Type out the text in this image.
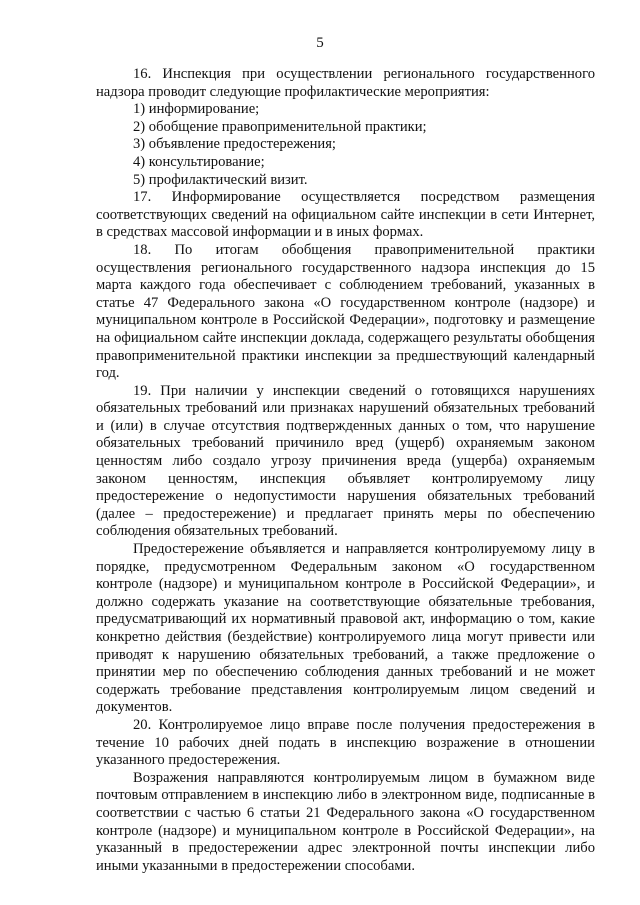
5

16. Инспекция при осуществлении регионального государственного надзора проводит следующие профилактические мероприятия:

1) информирование;

2) обобщение правоприменительной практики;

3) объявление предостережения;

4) консультирование;

5) профилактический визит.

17. Информирование осуществляется посредством размещения соответствующих сведений на официальном сайте инспекции в сети Интернет, в средствах массовой информации и в иных формах.

18. По итогам обобщения правоприменительной практики осуществления регионального государственного надзора инспекция до 15 марта каждого года обеспечивает с соблюдением требований, указанных в статье 47 Федерального закона «О государственном контроле (надзоре) и муниципальном контроле в Российской Федерации», подготовку и размещение на официальном сайте инспекции доклада, содержащего результаты обобщения правоприменительной практики инспекции за предшествующий календарный год.

19. При наличии у инспекции сведений о готовящихся нарушениях обязательных требований или признаках нарушений обязательных требований и (или) в случае отсутствия подтвержденных данных о том, что нарушение обязательных требований причинило вред (ущерб) охраняемым законом ценностям либо создало угрозу причинения вреда (ущерба) охраняемым законом ценностям, инспекция объявляет контролируемому лицу предостережение о недопустимости нарушения обязательных требований (далее – предостережение) и предлагает принять меры по обеспечению соблюдения обязательных требований.

Предостережение объявляется и направляется контролируемому лицу в порядке, предусмотренном Федеральным законом «О государственном контроле (надзоре) и муниципальном контроле в Российской Федерации», и должно содержать указание на соответствующие обязательные требования, предусматривающий их нормативный правовой акт, информацию о том, какие конкретно действия (бездействие) контролируемого лица могут привести или приводят к нарушению обязательных требований, а также предложение о принятии мер по обеспечению соблюдения данных требований и не может содержать требование представления контролируемым лицом сведений и документов.

20. Контролируемое лицо вправе после получения предостережения в течение 10 рабочих дней подать в инспекцию возражение в отношении указанного предостережения.

Возражения направляются контролируемым лицом в бумажном виде почтовым отправлением в инспекцию либо в электронном виде, подписанные в соответствии с частью 6 статьи 21 Федерального закона «О государственном контроле (надзоре) и муниципальном контроле в Российской Федерации», на указанный в предостережении адрес электронной почты инспекции либо иными указанными в предостережении способами.
